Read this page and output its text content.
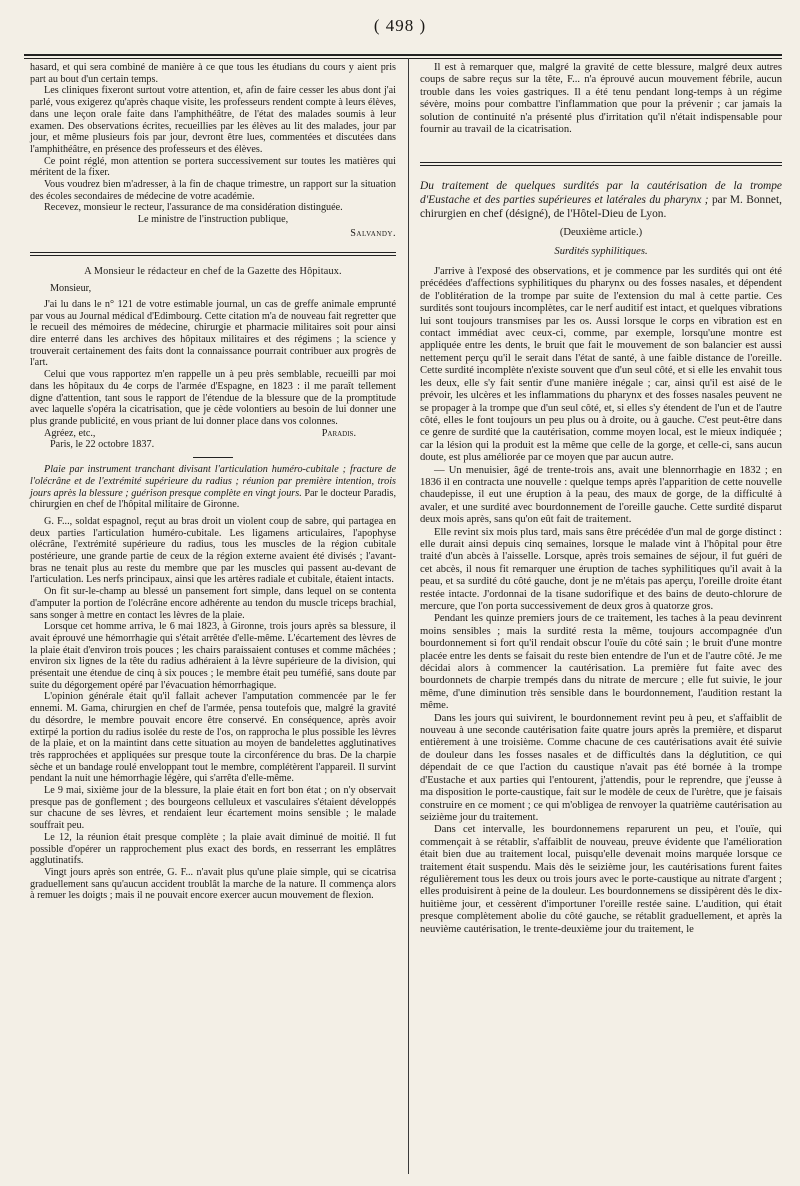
( 498 )

hasard, et qui sera combiné de manière à ce que tous les étudians du cours y aient pris part au bout d'un certain temps.

Les cliniques fixeront surtout votre attention, et, afin de faire cesser les abus dont j'ai parlé, vous exigerez qu'après chaque visite, les professeurs rendent compte à leurs élèves, dans une leçon orale faite dans l'amphithéâtre, de l'état des malades soumis à leur examen. Des observations écrites, recueillies par les élèves au lit des malades, jour par jour, et même plusieurs fois par jour, devront être lues, commentées et discutées dans l'amphithéâtre, en présence des professeurs et des élèves.

Ce point réglé, mon attention se portera successivement sur toutes les matières qui méritent de la fixer.

Vous voudrez bien m'adresser, à la fin de chaque trimestre, un rapport sur la situation des écoles secondaires de médecine de votre académie.

Recevez, monsieur le recteur, l'assurance de ma considération distinguée.

Le ministre de l'instruction publique,

Salvandy.

A Monsieur le rédacteur en chef de la Gazette des Hôpitaux.

Monsieur,

J'ai lu dans le n° 121 de votre estimable journal, un cas de greffe animale emprunté par vous au Journal médical d'Edimbourg. Cette citation m'a de nouveau fait regretter que le recueil des mémoires de médecine, chirurgie et pharmacie militaires soit pour ainsi dire enterré dans les archives des hôpitaux militaires et des régimens ; la science y trouverait certainement des faits dont la connaissance pourrait contribuer aux progrès de l'art.

Celui que vous rapportez m'en rappelle un à peu près semblable, recueilli par moi dans les hôpitaux du 4e corps de l'armée d'Espagne, en 1823 : il me paraît tellement digne d'attention, tant sous le rapport de l'étendue de la blessure que de la promptitude avec laquelle s'opéra la cicatrisation, que je cède volontiers au besoin de lui donner une plus grande publicité, en vous priant de lui donner place dans vos colonnes.

Agréez, etc.,	Paradis.

Paris, le 22 octobre 1837.

Plaie par instrument tranchant divisant l'articulation huméro-cubitale ; fracture de l'olécrâne et de l'extrémité supérieure du radius ; réunion par première intention, trois jours après la blessure ; guérison presque complète en vingt jours. Par le docteur Paradis, chirurgien en chef de l'hôpital militaire de Gironne.

G. F..., soldat espagnol, reçut au bras droit un violent coup de sabre, qui partagea en deux parties l'articulation huméro-cubitale. Les ligamens articulaires, l'apophyse olécrâne, l'extrémité supérieure du radius, tous les muscles de la région cubitale postérieure, une grande partie de ceux de la région externe avaient été divisés ; l'avant-bras ne tenait plus au reste du membre que par les muscles qui passent au-devant de l'articulation. Les nerfs principaux, ainsi que les artères radiale et cubitale, étaient intacts.

On fit sur-le-champ au blessé un pansement fort simple, dans lequel on se contenta d'amputer la portion de l'olécrâne encore adhérente au tendon du muscle triceps brachial, sans songer à mettre en contact les lèvres de la plaie.

Lorsque cet homme arriva, le 6 mai 1823, à Gironne, trois jours après sa blessure, il avait éprouvé une hémorrhagie qui s'était arrêtée d'elle-même. L'écartement des lèvres de la plaie était d'environ trois pouces ; les chairs paraissaient contuses et comme mâchées ; environ six lignes de la tête du radius adhéraient à la lèvre supérieure de la division, qui présentait une étendue de cinq à six pouces ; le membre était peu tuméfié, sans doute par suite du dégorgement opéré par l'évacuation hémorrhagique.

L'opinion générale était qu'il fallait achever l'amputation commencée par le fer ennemi. M. Gama, chirurgien en chef de l'armée, pensa toutefois que, malgré la gravité du désordre, le membre pouvait encore être conservé. En conséquence, après avoir extirpé la portion du radius isolée du reste de l'os, on rapprocha le plus possible les lèvres de la plaie, et on la maintint dans cette situation au moyen de bandelettes agglutinatives très rapprochées et appliquées sur presque toute la circonférence du bras. De la charpie sèche et un bandage roulé enveloppant tout le membre, complétèrent l'appareil. Il survint pendant la nuit une hémorrhagie légère, qui s'arrêta d'elle-même.

Le 9 mai, sixième jour de la blessure, la plaie était en fort bon état ; on n'y observait presque pas de gonflement ; des bourgeons celluleux et vasculaires s'étaient développés sur chacune de ses lèvres, et rendaient leur écartement moins sensible ; le malade souffrait peu.

Le 12, la réunion était presque complète ; la plaie avait diminué de moitié. Il fut possible d'opérer un rapprochement plus exact des bords, en resserrant les emplâtres agglutinatifs.

Vingt jours après son entrée, G. F... n'avait plus qu'une plaie simple, qui se cicatrisa graduellement sans qu'aucun accident troublât la marche de la nature. Il commença alors à remuer les doigts ; mais il ne pouvait encore exercer aucun mouvement de flexion.

Il est à remarquer que, malgré la gravité de cette blessure, malgré deux autres coups de sabre reçus sur la tête, F... n'a éprouvé aucun mouvement fébrile, aucun trouble dans les voies gastriques. Il a été tenu pendant long-temps à un régime sévère, moins pour combattre l'inflammation que pour la prévenir ; car jamais la solution de continuité n'a présenté plus d'irritation qu'il n'était indispensable pour fournir au travail de la cicatrisation.

Du traitement de quelques surdités par la cautérisation de la trompe d'Eustache et des parties supérieures et latérales du pharynx ; par M. Bonnet, chirurgien en chef (désigné), de l'Hôtel-Dieu de Lyon.

(Deuxième article.)

Surdités syphilitiques.

J'arrive à l'exposé des observations, et je commence par les surdités qui ont été précédées d'affections syphilitiques du pharynx ou des fosses nasales, et dépendent de l'oblitération de la trompe par suite de l'extension du mal à cette partie. Ces surdités sont toujours incomplètes, car le nerf auditif est intact, et quelques vibrations lui sont toujours transmises par les os. Aussi lorsque le corps en vibration est en contact immédiat avec ceux-ci, comme, par exemple, lorsqu'une montre est appliquée entre les dents, le bruit que fait le mouvement de son balancier est aussi nettement perçu qu'il le serait dans l'état de santé, à une faible distance de l'oreille. Cette surdité incomplète n'existe souvent que d'un seul côté, et si elle les envahit tous les deux, elle s'y fait sentir d'une manière inégale ; car, ainsi qu'il est aisé de le prévoir, les ulcères et les inflammations du pharynx et des fosses nasales peuvent ne se propager à la trompe que d'un seul côté, et, si elles s'y étendent de l'un et de l'autre côté, elles le font toujours un peu plus ou à droite, ou à gauche. C'est peut-être dans ce genre de surdité que la cautérisation, comme moyen local, est le mieux indiquée ; car la lésion qui la produit est la même que celle de la gorge, et celle-ci, sans aucun doute, est plus améliorée par ce moyen que par aucun autre.

— Un menuisier, âgé de trente-trois ans, avait une blennorrhagie en 1832 ; en 1836 il en contracta une nouvelle : quelque temps après l'apparition de cette nouvelle chaudepisse, il eut une éruption à la peau, des maux de gorge, de la difficulté à avaler, et une surdité avec bourdonnement de l'oreille gauche. Cette surdité disparut deux mois après, sans qu'on eût fait de traitement.

Elle revint six mois plus tard, mais sans être précédée d'un mal de gorge distinct : elle durait ainsi depuis cinq semaines, lorsque le malade vint à l'hôpital pour être traité d'un abcès à l'aisselle. Lorsque, après trois semaines de séjour, il fut guéri de cet abcès, il nous fit remarquer une éruption de taches syphilitiques qu'il avait à la peau, et sa surdité du côté gauche, dont je ne m'étais pas aperçu, l'oreille droite étant restée intacte. J'ordonnai de la tisane sudorifique et des bains de deuto-chlorure de mercure, que l'on porta successivement de deux gros à quatorze gros.

Pendant les quinze premiers jours de ce traitement, les taches à la peau devinrent moins sensibles ; mais la surdité resta la même, toujours accompagnée d'un bourdonnement si fort qu'il rendait obscur l'ouïe du côté sain ; le bruit d'une montre placée entre les dents se faisait du reste bien entendre de l'un et de l'autre côté. Je me décidai alors à commencer la cautérisation. La première fut faite avec des bourdonnets de charpie trempés dans du nitrate de mercure ; elle fut suivie, le jour même, d'une diminution très sensible dans le bourdonnement, l'audition restant la même.

Dans les jours qui suivirent, le bourdonnement revint peu à peu, et s'affaiblit de nouveau à une seconde cautérisation faite quatre jours après la première, et disparut entièrement à une troisième. Comme chacune de ces cautérisations avait été suivie de douleur dans les fosses nasales et de difficultés dans la déglutition, ce qui dépendait de ce que l'action du caustique n'avait pas été bornée à la trompe d'Eustache et aux parties qui l'entourent, j'attendis, pour le reprendre, que j'eusse à ma disposition le porte-caustique, fait sur le modèle de ceux de l'urètre, que je faisais construire en ce moment ; ce qui m'obligea de renvoyer la quatrième cautérisation au seizième jour du traitement.

Dans cet intervalle, les bourdonnemens reparurent un peu, et l'ouïe, qui commençait à se rétablir, s'affaiblit de nouveau, preuve évidente que l'amélioration était bien due au traitement local, puisqu'elle devenait moins marquée lorsque ce traitement était suspendu. Mais dès le seizième jour, les cautérisations furent faites régulièrement tous les deux ou trois jours avec le porte-caustique au nitrate d'argent ; elles produisirent à peine de la douleur. Les bourdonnemens se dissipèrent dès le dix-huitième jour, et cessèrent d'importuner l'oreille restée saine. L'audition, qui était presque complètement abolie du côté gauche, se rétablit graduellement, et après la neuvième cautérisation, le trente-deuxième jour du traitement, le
